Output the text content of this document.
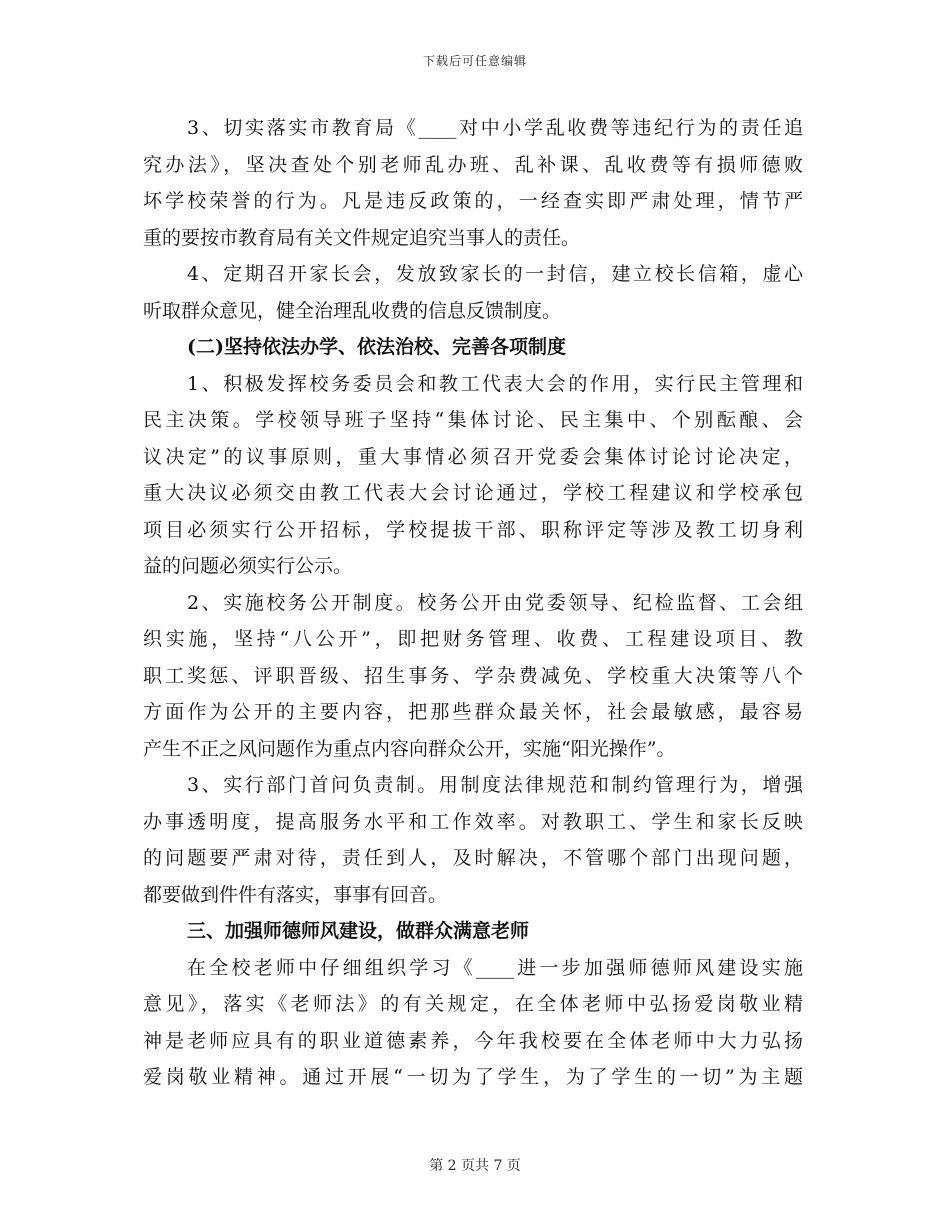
下载后可任意编辑
3、切实落实市教育局《____对中小学乱收费等违纪行为的责任追
究办法》，坚决查处个别老师乱办班、乱补课、乱收费等有损师德败
坏学校荣誉的行为。凡是违反政策的，一经查实即严肃处理，情节严
重的要按市教育局有关文件规定追究当事人的责任。
4、定期召开家长会，发放致家长的一封信，建立校长信箱，虚心
听取群众意见，健全治理乱收费的信息反馈制度。
(二)坚持依法办学、依法治校、完善各项制度
1、积极发挥校务委员会和教工代表大会的作用，实行民主管理和
民主决策。学校领导班子坚持“集体讨论、民主集中、个别酝酿、会
议决定”的议事原则，重大事情必须召开党委会集体讨论讨论决定，
重大决议必须交由教工代表大会讨论通过，学校工程建议和学校承包
项目必须实行公开招标，学校提拔干部、职称评定等涉及教工切身利
益的问题必须实行公示。
2、实施校务公开制度。校务公开由党委领导、纪检监督、工会组
织实施，坚持“八公开”，即把财务管理、收费、工程建设项目、教
职工奖惩、评职晋级、招生事务、学杂费减免、学校重大决策等八个
方面作为公开的主要内容，把那些群众最关怀，社会最敏感，最容易
产生不正之风问题作为重点内容向群众公开，实施“阳光操作”。
3、实行部门首问负责制。用制度法律规范和制约管理行为，增强
办事透明度，提高服务水平和工作效率。对教职工、学生和家长反映
的问题要严肃对待，责任到人，及时解决，不管哪个部门出现问题，
都要做到件件有落实，事事有回音。
三、加强师德师风建设，做群众满意老师
在全校老师中仔细组织学习《____进一步加强师德师风建设实施
意见》，落实《老师法》的有关规定，在全体老师中弘扬爱岗敬业精
神是老师应具有的职业道德素养，今年我校要在全体老师中大力弘扬
爱岗敬业精神。通过开展“一切为了学生，为了学生的一切”为主题
第 2 页共 7 页
